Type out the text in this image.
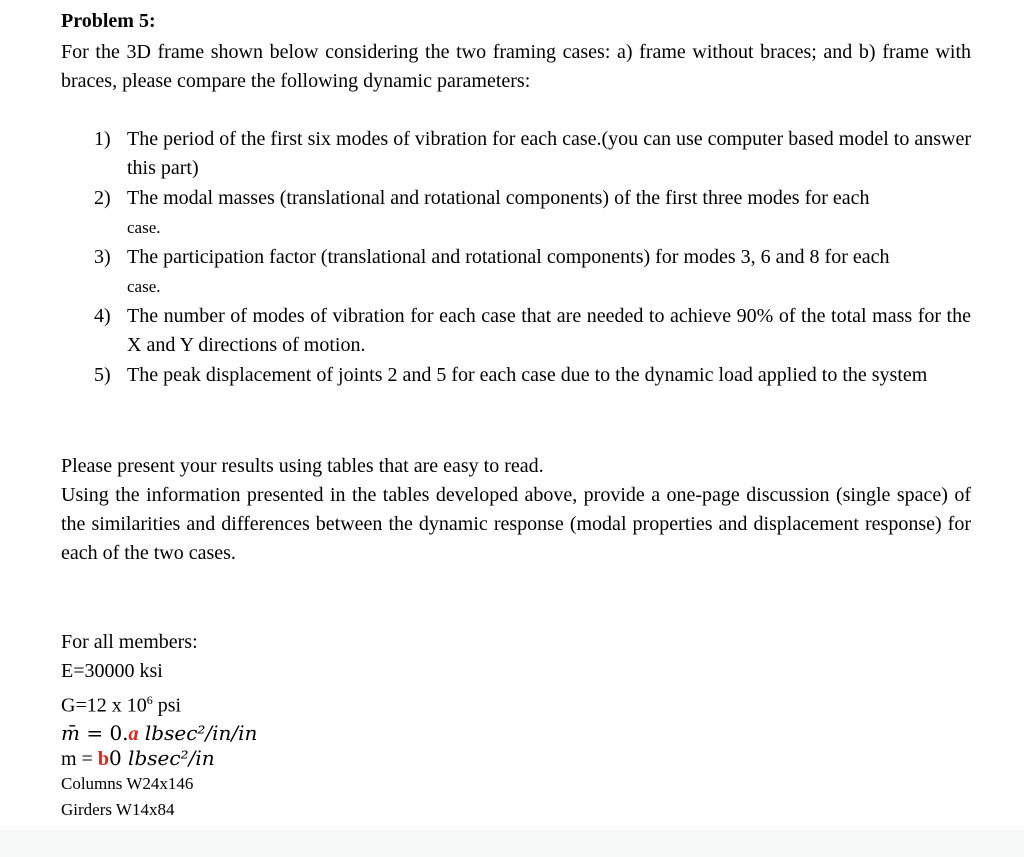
Problem 5:
For the 3D frame shown below considering the two framing cases: a) frame without braces; and b) frame with braces, please compare the following dynamic parameters:
1) The period of the first six modes of vibration for each case.(you can use computer based model to answer this part)
2) The modal masses (translational and rotational components) of the first three modes for each
case.
3) The participation factor (translational and rotational components) for modes 3, 6 and 8 for each
case.
4) The number of modes of vibration for each case that are needed to achieve 90% of the total mass for the X and Y directions of motion.
5) The peak displacement of joints 2 and 5 for each case due to the dynamic load applied to the system
Please present your results using tables that are easy to read.
Using the information presented in the tables developed above, provide a one-page discussion (single space) of the similarities and differences between the dynamic response (modal properties and displacement response) for each of the two cases.
For all members:
E=30000 ksi
G=12 x $10^6$ psi
m̄ = 0.a lbsec²/in/in
m = b0 lbsec²/in
Columns W24x146
Girders W14x84
